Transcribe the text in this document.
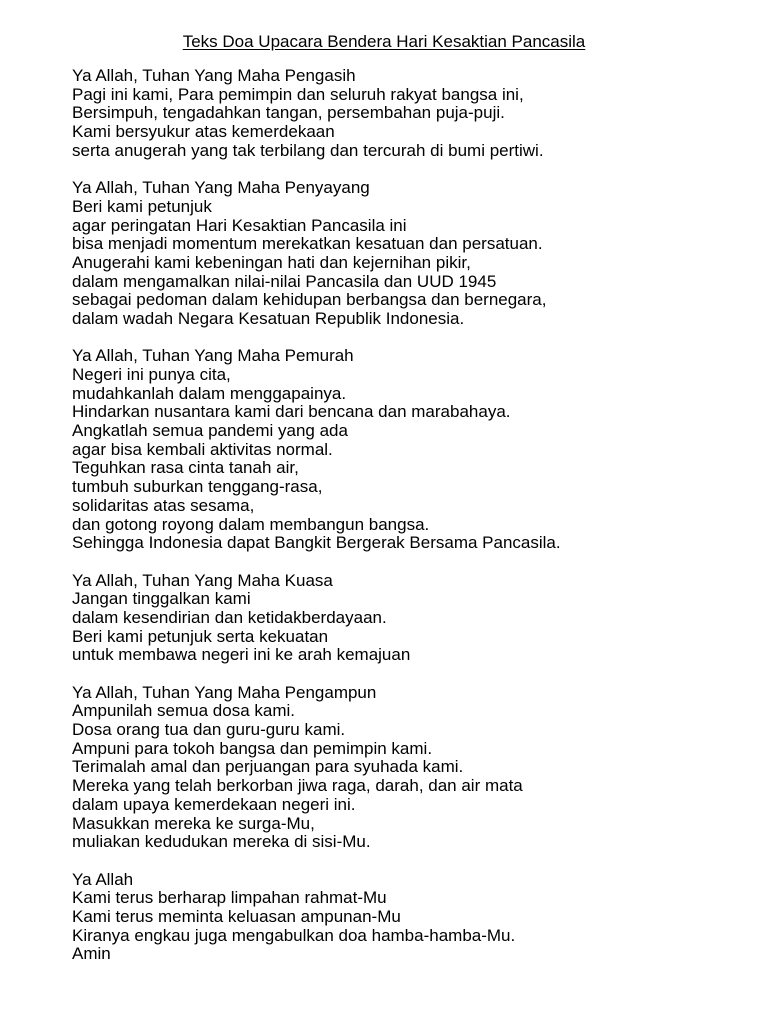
Teks Doa Upacara Bendera Hari Kesaktian Pancasila
Ya Allah, Tuhan Yang Maha Pengasih
Pagi ini kami, Para pemimpin dan seluruh rakyat bangsa ini,
Bersimpuh, tengadahkan tangan, persembahan puja-puji.
Kami bersyukur atas kemerdekaan
serta anugerah yang tak terbilang dan tercurah di bumi pertiwi.
Ya Allah, Tuhan Yang Maha Penyayang
Beri kami petunjuk
agar peringatan Hari Kesaktian Pancasila ini
bisa menjadi momentum merekatkan kesatuan dan persatuan.
Anugerahi kami kebeningan hati dan kejernihan pikir,
dalam mengamalkan nilai-nilai Pancasila dan UUD 1945
sebagai pedoman dalam kehidupan berbangsa dan bernegara,
dalam wadah Negara Kesatuan Republik Indonesia.
Ya Allah, Tuhan Yang Maha Pemurah
Negeri ini punya cita,
mudahkanlah dalam menggapainya.
Hindarkan nusantara kami dari bencana dan marabahaya.
Angkatlah semua pandemi yang ada
agar bisa kembali aktivitas normal.
Teguhkan rasa cinta tanah air,
tumbuh suburkan tenggang-rasa,
solidaritas atas sesama,
dan gotong royong dalam membangun bangsa.
Sehingga Indonesia dapat Bangkit Bergerak Bersama Pancasila.
Ya Allah, Tuhan Yang Maha Kuasa
Jangan tinggalkan kami
dalam kesendirian dan ketidakberdayaan.
Beri kami petunjuk serta kekuatan
untuk membawa negeri ini ke arah kemajuan
Ya Allah, Tuhan Yang Maha Pengampun
Ampunilah semua dosa kami.
Dosa orang tua dan guru-guru kami.
Ampuni para tokoh bangsa dan pemimpin kami.
Terimalah amal dan perjuangan para syuhada kami.
Mereka yang telah berkorban jiwa raga, darah, dan air mata
dalam upaya kemerdekaan negeri ini.
Masukkan mereka ke surga-Mu,
muliakan kedudukan mereka di sisi-Mu.
Ya Allah
Kami terus berharap limpahan rahmat-Mu
Kami terus meminta keluasan ampunan-Mu
Kiranya engkau juga mengabulkan doa hamba-hamba-Mu.
Amin
